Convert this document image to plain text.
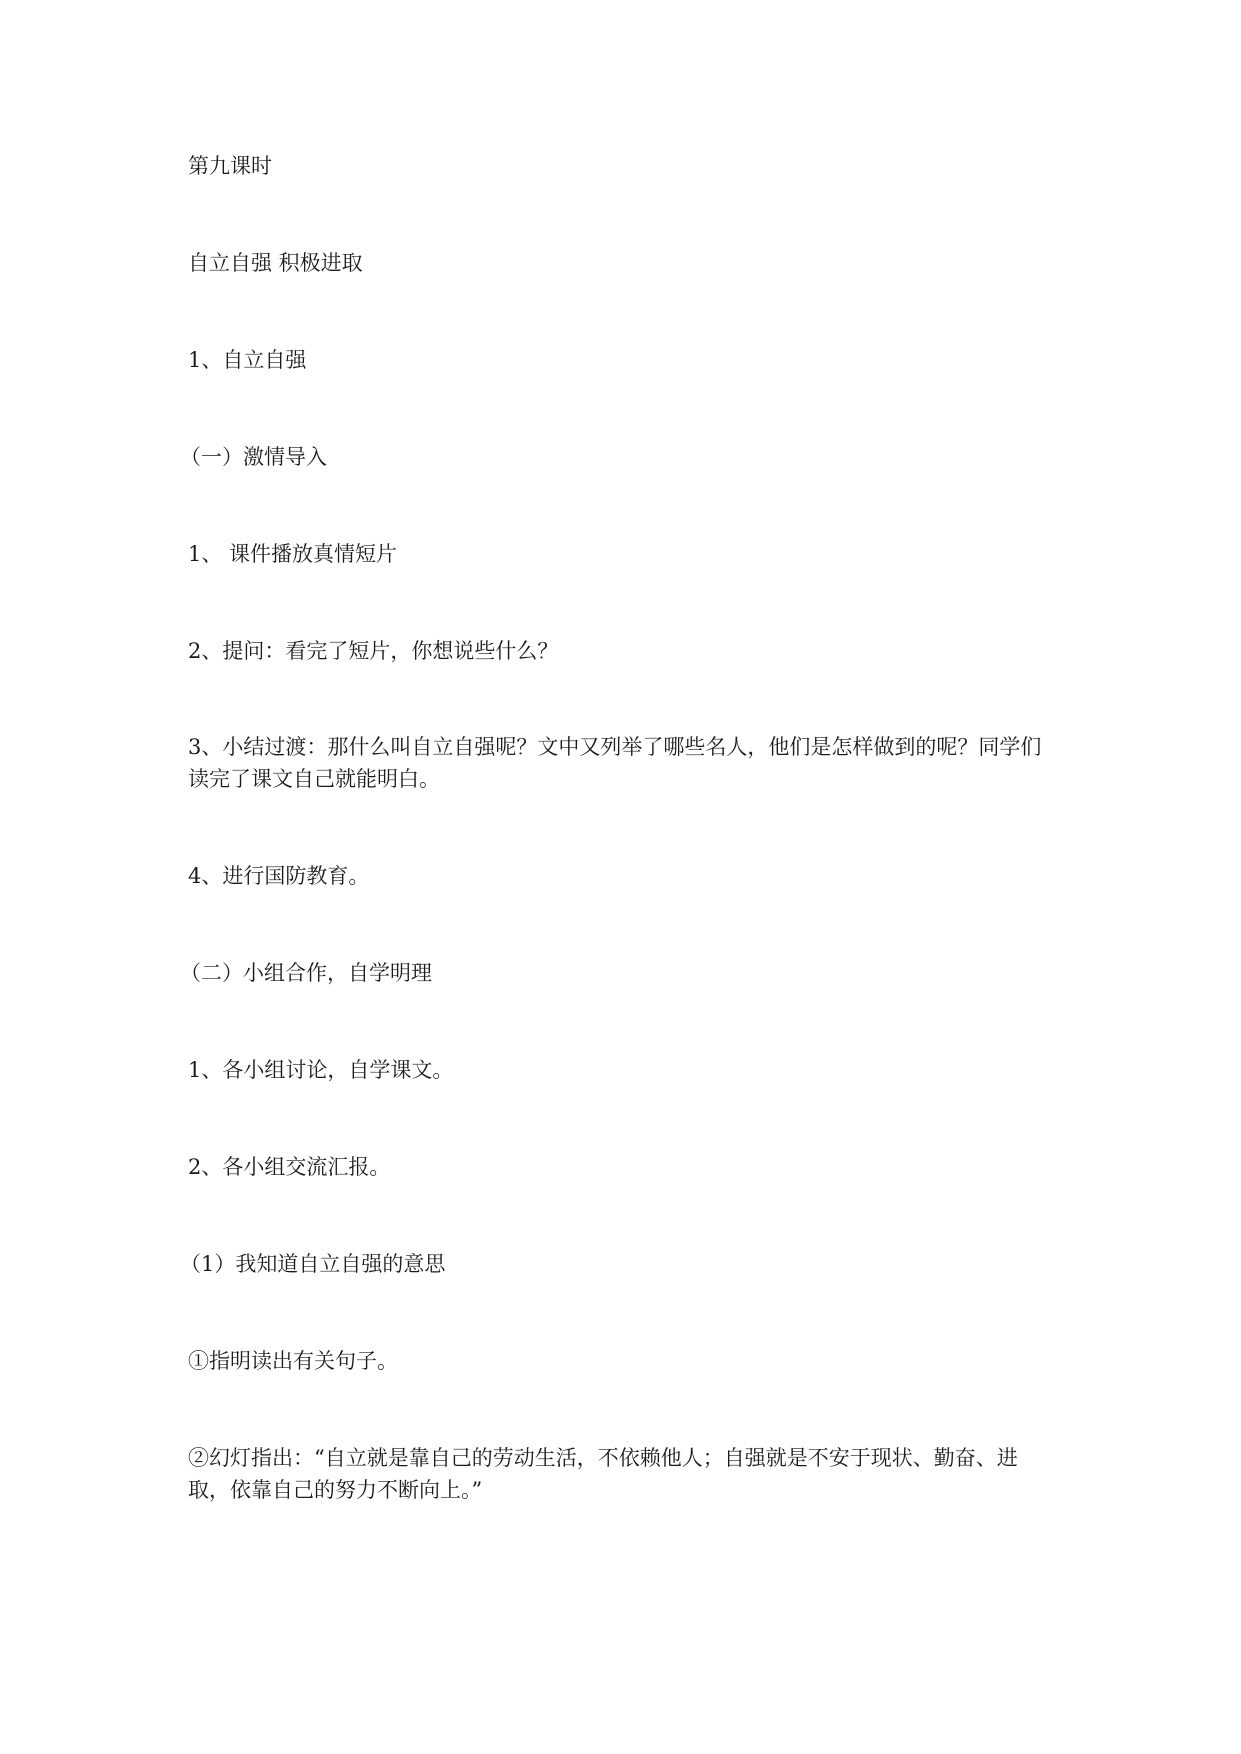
第九课时

自立自强 积极进取

1、自立自强

（一）激情导入

1、 课件播放真情短片

2、提问：看完了短片，你想说些什么？

3、小结过渡：那什么叫自立自强呢？文中又列举了哪些名人，他们是怎样做到的呢？同学们读完了课文自己就能明白。

4、进行国防教育。

（二）小组合作，自学明理

1、各小组讨论，自学课文。

2、各小组交流汇报。

（1）我知道自立自强的意思

①指明读出有关句子。

②幻灯指出：“自立就是靠自己的劳动生活，不依赖他人；自强就是不安于现状、勤奋、进取，依靠自己的努力不断向上。”
